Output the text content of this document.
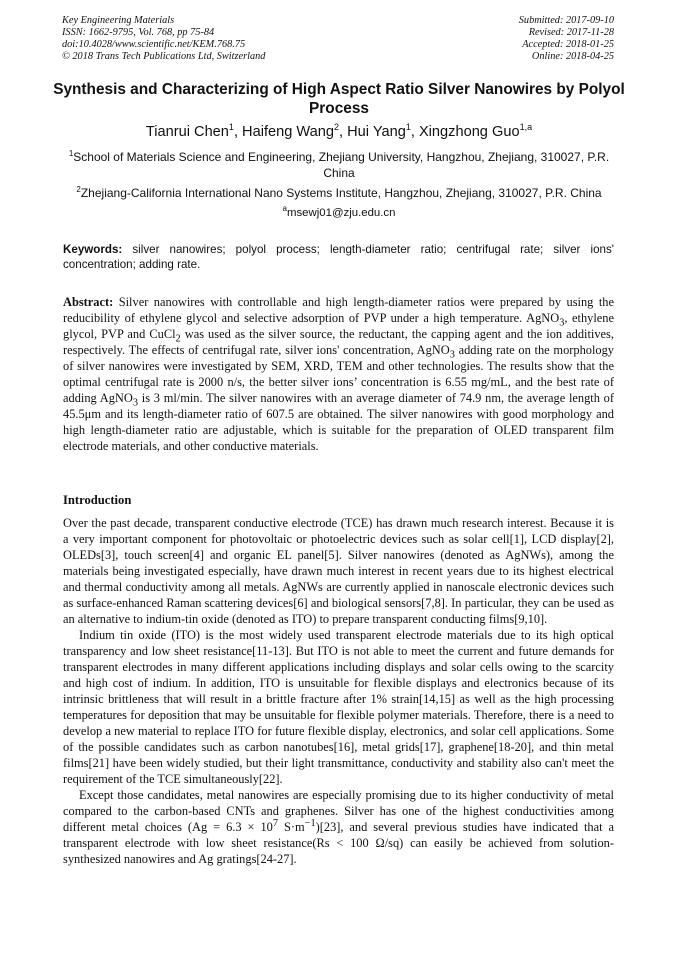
Key Engineering Materials
ISSN: 1662-9795, Vol. 768, pp 75-84
doi:10.4028/www.scientific.net/KEM.768.75
© 2018 Trans Tech Publications Ltd, Switzerland
Submitted: 2017-09-10
Revised: 2017-11-28
Accepted: 2018-01-25
Online: 2018-04-25
Synthesis and Characterizing of High Aspect Ratio Silver Nanowires by Polyol Process
Tianrui Chen$^1$, Haifeng Wang$^2$, Hui Yang$^1$, Xingzhong Guo$^{1,a}$
$^1$School of Materials Science and Engineering, Zhejiang University, Hangzhou, Zhejiang, 310027, P.R. China
$^2$Zhejiang-California International Nano Systems Institute, Hangzhou, Zhejiang, 310027, P.R. China
$^a$msewj01@zju.edu.cn
Keywords: silver nanowires; polyol process; length-diameter ratio; centrifugal rate; silver ions' concentration; adding rate.
Abstract: Silver nanowires with controllable and high length-diameter ratios were prepared by using the reducibility of ethylene glycol and selective adsorption of PVP under a high temperature. AgNO$_3$, ethylene glycol, PVP and CuCl$_2$ was used as the silver source, the reductant, the capping agent and the ion additives, respectively. The effects of centrifugal rate, silver ions' concentration, AgNO$_3$ adding rate on the morphology of silver nanowires were investigated by SEM, XRD, TEM and other technologies. The results show that the optimal centrifugal rate is 2000 n/s, the better silver ions’ concentration is 6.55 mg/mL, and the best rate of adding AgNO$_3$ is 3 ml/min. The silver nanowires with an average diameter of 74.9 nm, the average length of 45.5μm and its length-diameter ratio of 607.5 are obtained. The silver nanowires with good morphology and high length-diameter ratio are adjustable, which is suitable for the preparation of OLED transparent film electrode materials, and other conductive materials.
Introduction

Over the past decade, transparent conductive electrode (TCE) has drawn much research interest. Because it is a very important component for photovoltaic or photoelectric devices such as solar cell[1], LCD display[2], OLEDs[3], touch screen[4] and organic EL panel[5]. Silver nanowires (denoted as AgNWs), among the materials being investigated especially, have drawn much interest in recent years due to its highest electrical and thermal conductivity among all metals. AgNWs are currently applied in nanoscale electronic devices such as surface-enhanced Raman scattering devices[6] and biological sensors[7,8]. In particular, they can be used as an alternative to indium-tin oxide (denoted as ITO) to prepare transparent conducting films[9,10].

Indium tin oxide (ITO) is the most widely used transparent electrode materials due to its high optical transparency and low sheet resistance[11-13]. But ITO is not able to meet the current and future demands for transparent electrodes in many different applications including displays and solar cells owing to the scarcity and high cost of indium. In addition, ITO is unsuitable for flexible displays and electronics because of its intrinsic brittleness that will result in a brittle fracture after 1% strain[14,15] as well as the high processing temperatures for deposition that may be unsuitable for flexible polymer materials. Therefore, there is a need to develop a new material to replace ITO for future flexible display, electronics, and solar cell applications. Some of the possible candidates such as carbon nanotubes[16], metal grids[17], graphene[18-20], and thin metal films[21] have been widely studied, but their light transmittance, conductivity and stability also can't meet the requirement of the TCE simultaneously[22].

Except those candidates, metal nanowires are especially promising due to its higher conductivity of metal compared to the carbon-based CNTs and graphenes. Silver has one of the highest conductivities among different metal choices ($Ag = 6.3 \times 10^7$ $S\cdot m^{-1})[23]$, and several previous studies have indicated that a transparent electrode with low sheet resistance(Rs < 100 Ω/sq) can easily be achieved from solution-synthesized nanowires and Ag gratings[24-27].
